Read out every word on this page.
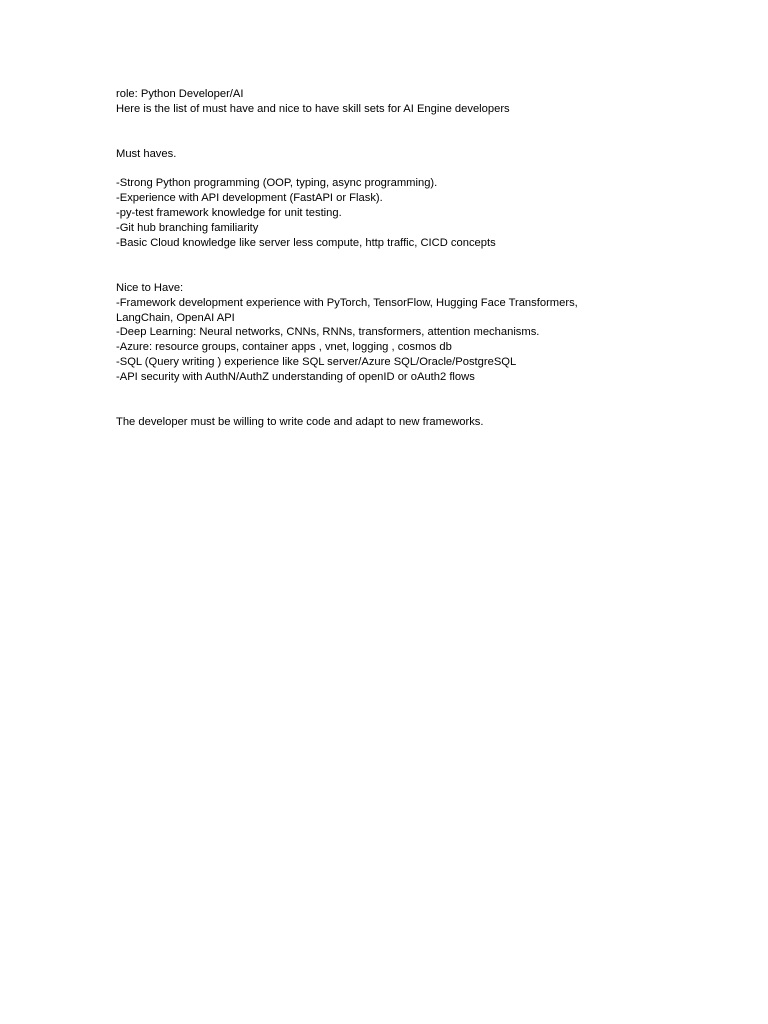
role: Python Developer/AI
Here is the list of must have and nice to have skill sets for AI Engine developers
Must haves.
-Strong Python programming (OOP, typing, async programming).
-Experience with API development (FastAPI or Flask).
-py-test framework knowledge for unit testing.
-Git hub branching familiarity
-Basic Cloud knowledge like server less compute, http traffic, CICD concepts
Nice to Have:
-Framework development experience with PyTorch, TensorFlow, Hugging Face Transformers, LangChain, OpenAI API
-Deep Learning: Neural networks, CNNs, RNNs, transformers, attention mechanisms.
-Azure: resource groups, container apps , vnet, logging , cosmos db
-SQL (Query writing ) experience like SQL server/Azure SQL/Oracle/PostgreSQL
-API security with AuthN/AuthZ understanding of openID or oAuth2 flows
The developer must be willing to write code and adapt to new frameworks.
